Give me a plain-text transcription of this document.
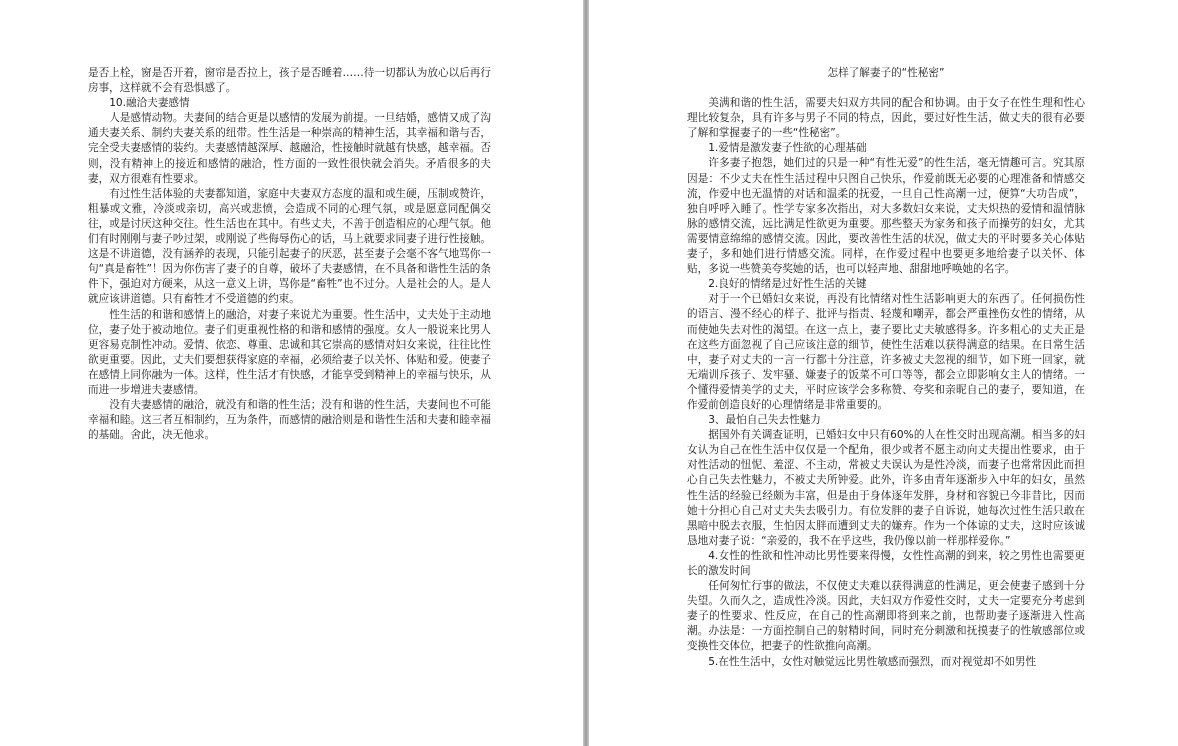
是否上栓，窗是否开着，窗帘是否拉上，孩子是否睡着……待一切都认为放心以后再行房事，这样就不会有恐惧感了。

10.融洽夫妻感情

人是感情动物。夫妻间的结合更是以感情的发展为前提。一旦结婚，感情又成了沟通夫妻关系、制约夫妻关系的纽带。性生活是一种崇高的精神生活，其幸福和谐与否，完全受夫妻感情的装约。夫妻感情越深厚、越融洽，性接触时就越有快感，越幸福。否则，没有精神上的接近和感情的融洽，性方面的一致性很快就会消失。矛盾很多的夫妻，双方很难有性要求。

有过性生活体验的夫妻都知道，家庭中夫妻双方态度的温和或生硬，压制或赞许，粗暴或文雅，冷淡或亲切，高兴或悲愤，会造成不同的心理气氛，或是愿意同配偶交往，或是讨厌这种交往。性生活也在其中。有些丈夫，不善于创造相应的心理气氛。他们有时刚刚与妻子吵过架，或刚说了些侮辱伤心的话，马上就要求同妻子进行性接触。这是不讲道德，没有涵养的表现，只能引起妻子的厌恶，甚至妻子会毫不客气地骂你一句“真是畜牲”！因为你伤害了妻子的自尊，破坏了夫妻感情，在不具备和谐性生活的条件下，强迫对方硬来，从这一意义上讲，骂你是“畜牲”也不过分。人是社会的人。是人就应该讲道德。只有畜牲才不受道德的约束。

性生活的和谐和感情上的融洽，对妻子来说尤为重要。性生活中，丈夫处于主动地位，妻子处于被动地位。妻子们更重视性格的和谐和感情的强度。女人一般说来比男人更容易克制性冲动。爱情、依恋、尊重、忠诚和其它崇高的感情对妇女来说，往往比性欲更重要。因此，丈夫们要想获得家庭的幸福，必须给妻子以关怀、体贴和爱。使妻子在感情上同你融为一体。这样，性生活才有快感，才能享受到精神上的幸福与快乐，从而进一步增进夫妻感情。

没有夫妻感情的融洽，就没有和谐的性生活；没有和谐的性生活，夫妻间也不可能幸福和睦。这三者互相制约，互为条件，而感情的融洽则是和谐性生活和夫妻和睦幸福的基础。舍此，决无他求。

怎样了解妻子的“性秘密”

美满和谐的性生活，需要夫妇双方共同的配合和协调。由于女子在性生理和性心理比较复杂，具有许多与男子不同的特点，因此，要过好性生活，做丈夫的很有必要了解和掌握妻子的一些“性秘密”。

1.爱情是激发妻子性欲的心理基础

许多妻子抱怨，她们过的只是一种“有性无爱”的性生活，毫无情趣可言。究其原因是：不少丈夫在性生活过程中只图自己快乐，作爱前既无必要的心理准备和情感交流，作爱中也无温情的对话和温柔的抚爱，一旦自己性高潮一过，便算“大功告成”，独自呼呼入睡了。性学专家多次指出，对大多数妇女来说，丈夫炽热的爱情和温情脉脉的感情交流，远比满足性欲更为重要。那些整天为家务和孩子而操劳的妇女，尤其需要情意绵绵的感情交流。因此，要改善性生活的状况，做丈夫的平时要多关心体贴妻子，多和她们进行情感交流。同样，在作爱过程中也要更多地给妻子以关怀、体贴，多说一些赞美夸奖她的话，也可以轻声地、甜甜地呼唤她的名字。

2.良好的情绪是过好性生活的关键

对于一个已婚妇女来说，再没有比情绪对性生活影响更大的东西了。任何损伤性的语言、漫不经心的样子、批评与指责、轻蔑和嘲弄，都会严重挫伤女性的情绪，从而使她失去对性的渴望。在这一点上，妻子要比丈夫敏感得多。许多粗心的丈夫正是在这些方面忽视了自己应该注意的细节，使性生活难以获得满意的结果。在日常生活中，妻子对丈夫的一言一行都十分注意，许多被丈夫忽视的细节，如下班一回家，就无端训斥孩子、发牢骚、嫌妻子的饭菜不可口等等，都会立即影响女主人的情绪。一个懂得爱情美学的丈夫，平时应该学会多称赞、夸奖和亲昵自己的妻子，要知道，在作爱前创造良好的心理情绪是非常重要的。

3、最怕自己失去性魅力

据国外有关调查证明，已婚妇女中只有60%的人在性交时出现高潮。相当多的妇女认为自己在性生活中仅仅是一个配角，很少或者不愿主动向丈夫提出性要求，由于对性活动的忸怩、羞涩、不主动，常被丈夫误认为是性冷淡，而妻子也常常因此而担心自己失去性魅力，不被丈夫所钟爱。此外，许多由青年逐渐步入中年的妇女，虽然性生活的经验已经颇为丰富，但是由于身体逐年发胖，身材和容貌已今非昔比，因而她十分担心自己对丈夫失去吸引力。有位发胖的妻子自诉说，她每次过性生活只敢在黑暗中脱去衣服，生怕因太胖而遭到丈夫的嫌弃。作为一个体谅的丈夫，这时应该诚恳地对妻子说：“亲爱的，我不在乎这些，我仍像以前一样那样爱你。”

4.女性的性欲和性冲动比男性要来得慢，女性性高潮的到来，较之男性也需要更长的激发时间

任何匆忙行事的做法，不仅使丈夫难以获得满意的性满足，更会使妻子感到十分失望。久而久之，造成性冷淡。因此，夫妇双方作爱性交时，丈夫一定要充分考虑到妻子的性要求、性反应，在自己的性高潮即将到来之前，也帮助妻子逐渐进入性高潮。办法是：一方面控制自己的射精时间，同时充分刺激和抚摸妻子的性敏感部位或变换性交体位，把妻子的性欲推向高潮。

5.在性生活中，女性对触觉远比男性敏感而强烈，而对视觉却不如男性
